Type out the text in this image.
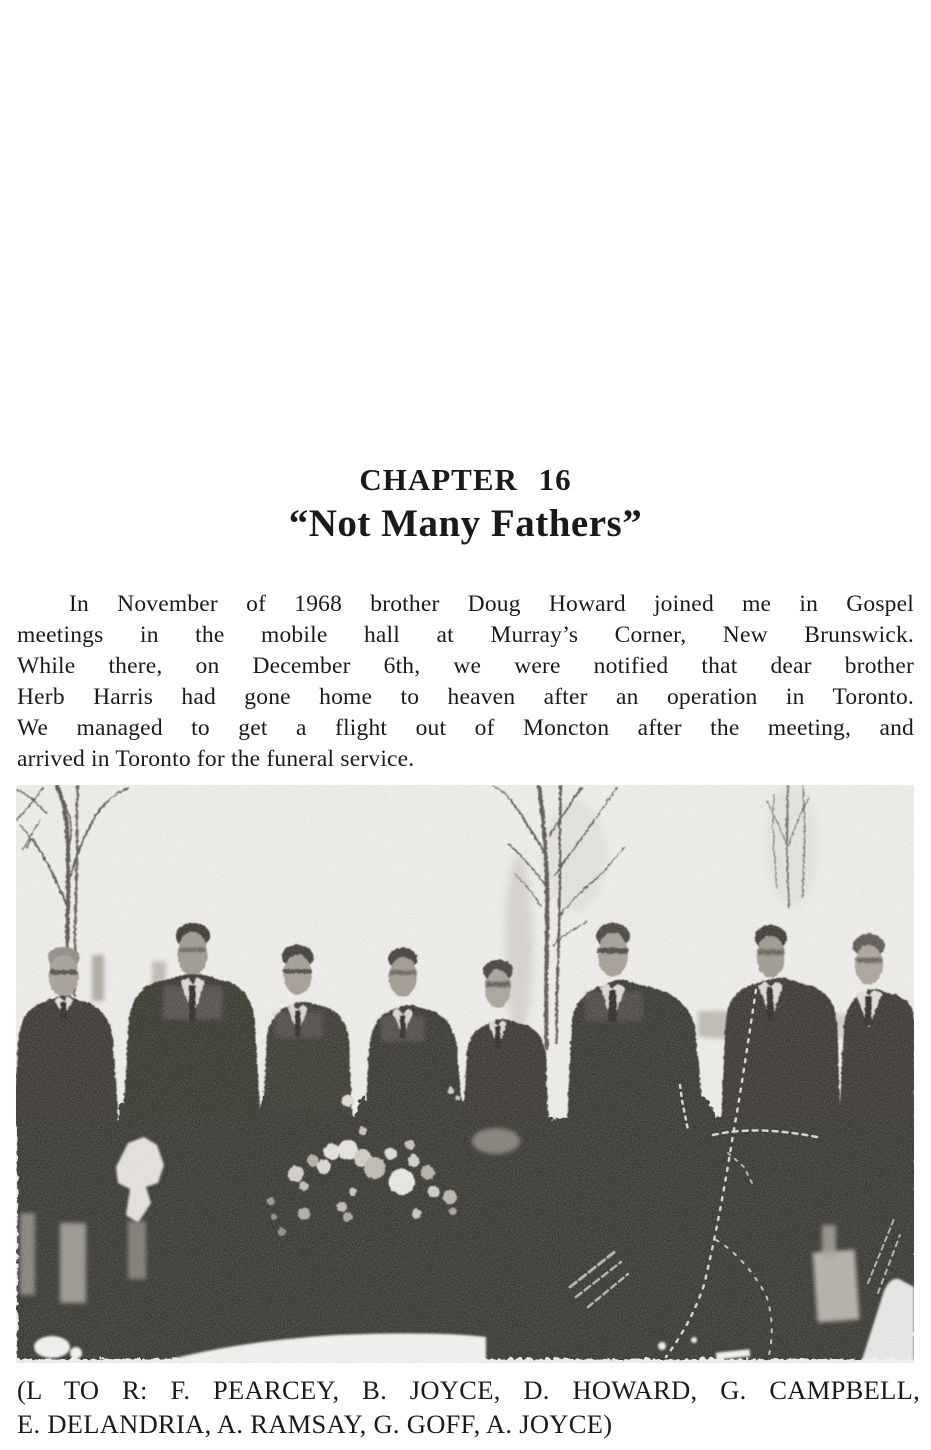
CHAPTER 16
“Not Many Fathers”
In November of 1968 brother Doug Howard joined me in Gospel
meetings in the mobile hall at Murray’s Corner, New Brunswick.
While there, on December 6th, we were notified that dear brother
Herb Harris had gone home to heaven after an operation in Toronto.
We managed to get a flight out of Moncton after the meeting, and
arrived in Toronto for the funeral service.
(L TO R: F. PEARCEY, B. JOYCE, D. HOWARD, G. CAMPBELL,
E. DELANDRIA, A. RAMSAY, G. GOFF, A. JOYCE)
